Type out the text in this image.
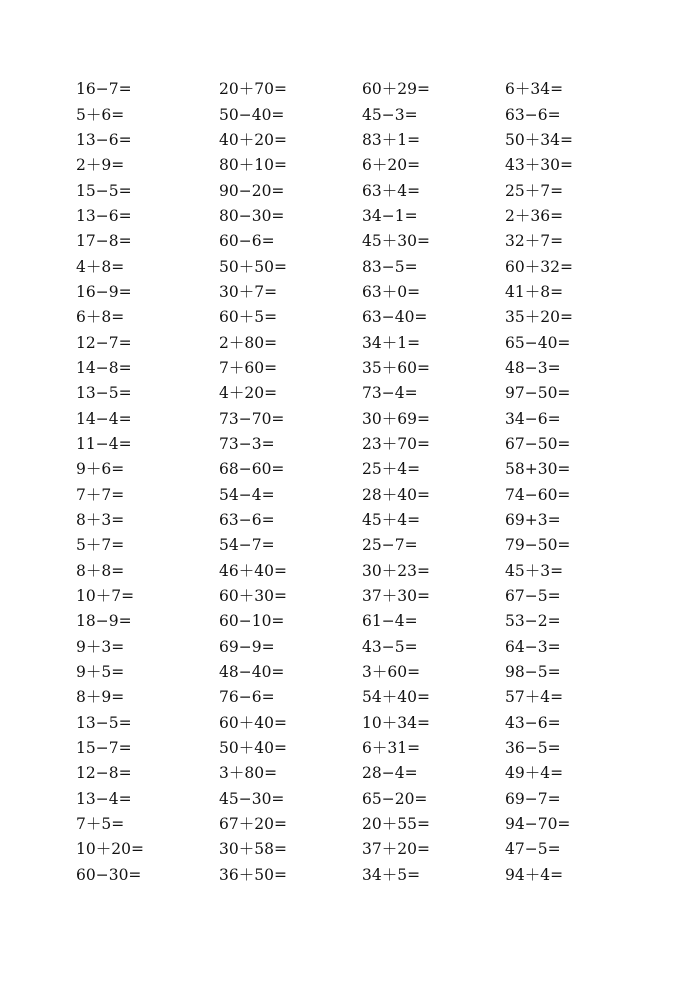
16−7=	20＋70=	60＋29=	6＋34=
5＋6=	50−40=	45−3=	63−6=
13−6=	40＋20=	83＋1=	50＋34=
2＋9=	80＋10=	6＋20=	43＋30=
15−5=	90−20=	63＋4=	25＋7=
13−6=	80−30=	34−1=	2＋36=
17−8=	60−6=	45＋30=	32＋7=
4＋8=	50＋50=	83−5=	60＋32=
16−9=	30＋7=	63＋0=	41＋8=
6＋8=	60＋5=	63−40=	35＋20=
12−7=	2＋80=	34＋1=	65−40=
14−8=	7＋60=	35＋60=	48−3=
13−5=	4＋20=	73−4=	97−50=
14−4=	73−70=	30＋69=	34−6=
11−4=	73−3=	23＋70=	67−50=
9＋6=	68−60=	25＋4=	58+30=
7＋7=	54−4=	28＋40=	74−60=
8＋3=	63−6=	45＋4=	69+3=
5＋7=	54−7=	25−7=	79−50=
8＋8=	46＋40=	30＋23=	45＋3=
10＋7=	60＋30=	37＋30=	67−5=
18−9=	60−10=	61−4=	53−2=
9＋3=	69−9=	43−5=	64−3=
9＋5=	48−40=	3＋60=	98−5=
8＋9=	76−6=	54＋40=	57＋4=
13−5=	60＋40=	10＋34=	43−6=
15−7=	50＋40=	6＋31=	36−5=
12−8=	3＋80=	28−4=	49＋4=
13−4=	45−30=	65−20=	69−7=
7＋5=	67＋20=	20＋55=	94−70=
10＋20=	30＋58=	37＋20=	47−5=
60−30=	36＋50=	34＋5=	94＋4=
